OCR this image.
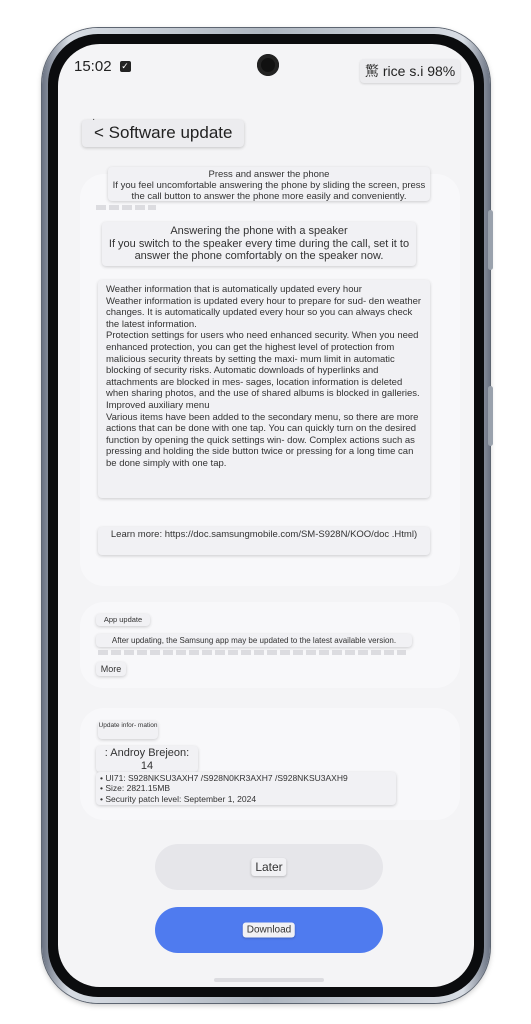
15:02 ✓	驚 rice s.i 98%
< Software update
Press and answer the phone
If you feel uncomfortable answering the phone by sliding the screen, press the call button to answer the phone more easily and conveniently.
Answering the phone with a speaker
If you switch to the speaker every time during the call, set it to answer the phone comfortably on the speaker now.

Weather information that is automatically updated every hour

Weather information is updated every hour to prepare for sud- den weather changes. It is automatically updated every hour so you can always check the latest information.

Protection settings for users who need enhanced security. When you need enhanced protection, you can get the highest level of protection from malicious security threats by setting the maxi- mum limit in automatic blocking of security risks. Automatic downloads of hyperlinks and attachments are blocked in mes- sages, location information is deleted when sharing photos, and the use of shared albums is blocked in galleries.

Improved auxiliary menu

Various items have been added to the secondary menu, so there are more actions that can be done with one tap. You can quickly turn on the desired function by opening the quick settings win- dow. Complex actions such as pressing and holding the side button twice or pressing for a long time can be done simply with one tap.

Learn more: https://doc.samsungmobile.com/SM-S928N/KOO/doc .Html)
App update
After updating, the Samsung app may be updated to the latest available version.
More
Update infor- mation
: Androy Brejeon:
14
• UI71: S928NKSU3AXH7 /S928N0KR3AXH7 /S928NKSU3AXH9
• Size: 2821.15MB
• Security patch level: September 1, 2024
Later
Download
